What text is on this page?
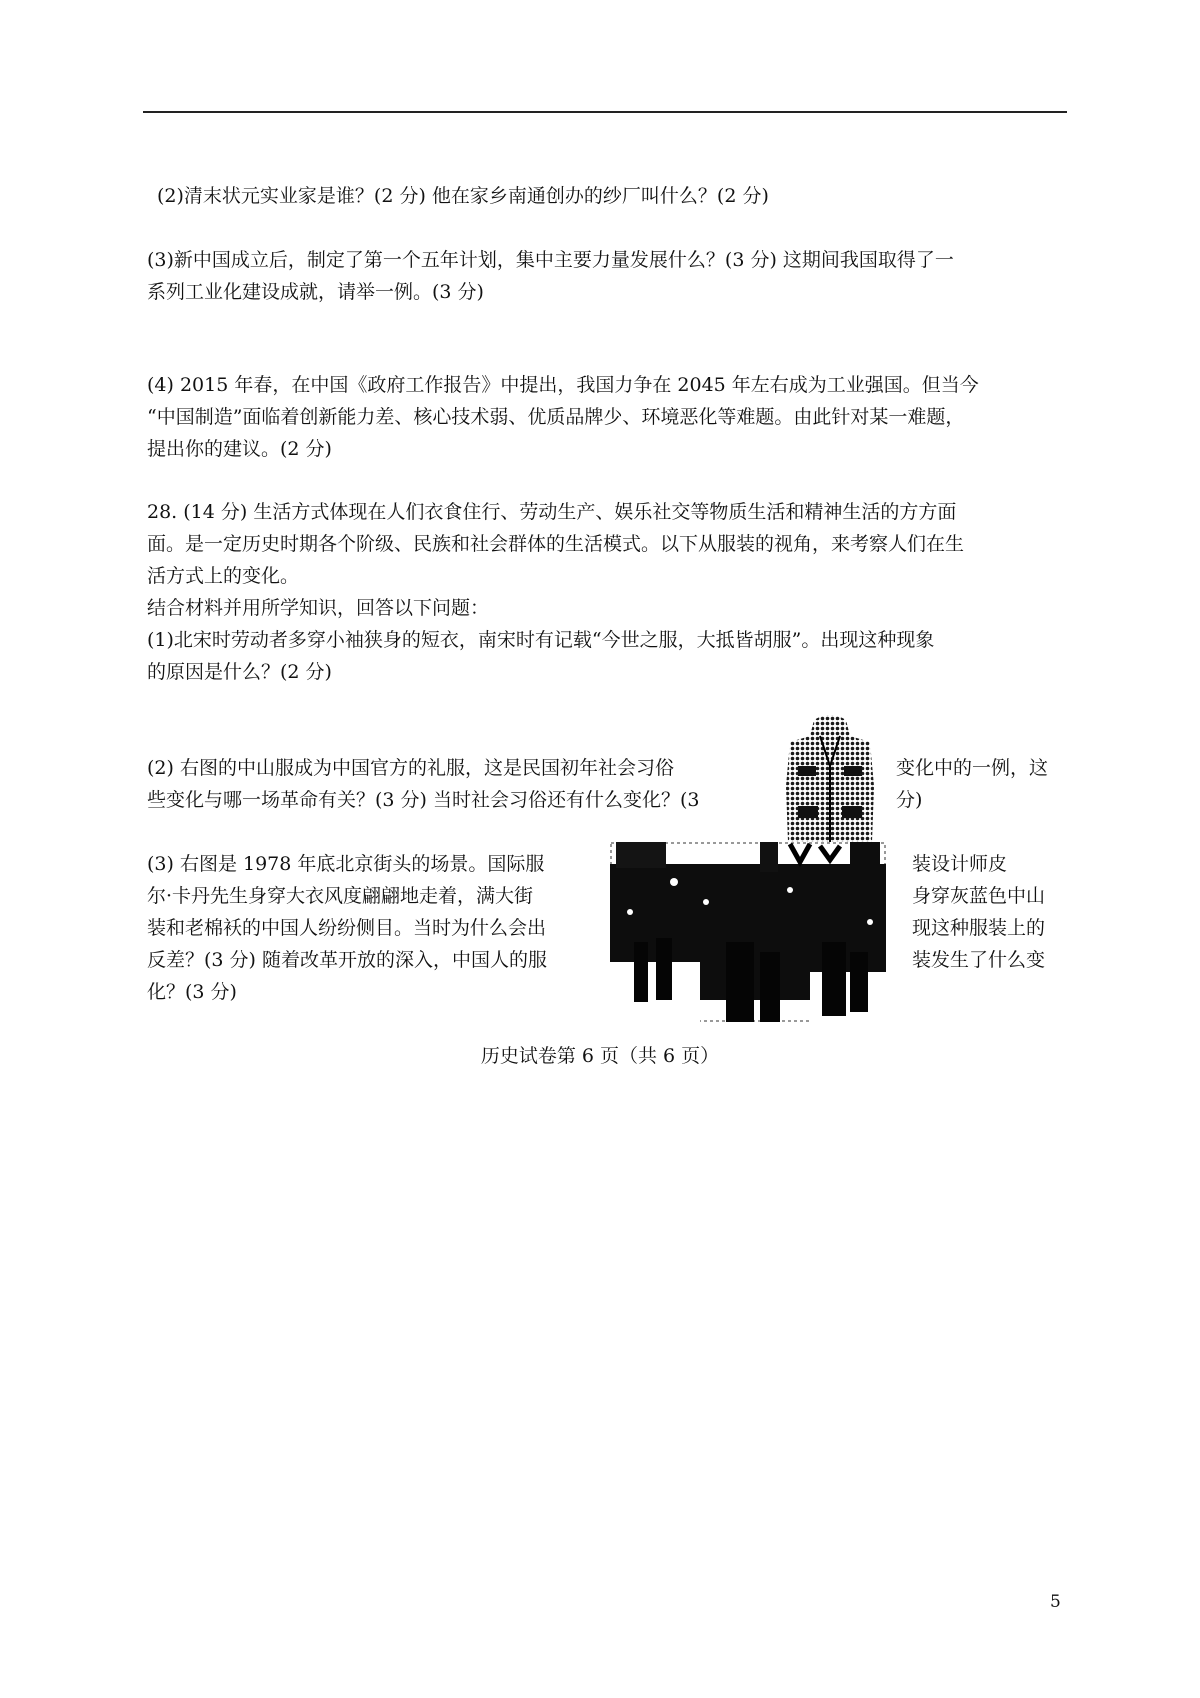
(2)清末状元实业家是谁？(2 分) 他在家乡南通创办的纱厂叫什么？(2 分)
(3)新中国成立后，制定了第一个五年计划，集中主要力量发展什么？(3 分) 这期间我国取得了一
系列工业化建设成就，请举一例。(3 分)
(4) 2015 年春，在中国《政府工作报告》中提出，我国力争在 2045 年左右成为工业强国。但当今
“中国制造”面临着创新能力差、核心技术弱、优质品牌少、环境恶化等难题。由此针对某一难题，
提出你的建议。(2 分)
28. (14 分) 生活方式体现在人们衣食住行、劳动生产、娱乐社交等物质生活和精神生活的方方面
面。是一定历史时期各个阶级、民族和社会群体的生活模式。以下从服装的视角，来考察人们在生
活方式上的变化。
结合材料并用所学知识，回答以下问题：
(1)北宋时劳动者多穿小袖狭身的短衣，南宋时有记载“今世之服，大抵皆胡服”。出现这种现象
的原因是什么？(2 分)
(2) 右图的中山服成为中国官方的礼服，这是民国初年社会习俗	变化中的一例，这
些变化与哪一场革命有关？(3 分) 当时社会习俗还有什么变化？(3	分)
(3) 右图是 1978 年底北京街头的场景。国际服	装设计师皮
尔·卡丹先生身穿大衣风度翩翩地走着，满大街	身穿灰蓝色中山
装和老棉袄的中国人纷纷侧目。当时为什么会出	现这种服装上的
反差？(3 分) 随着改革开放的深入，中国人的服	装发生了什么变
化？(3 分)
历史试卷第 6 页（共 6 页）
5
